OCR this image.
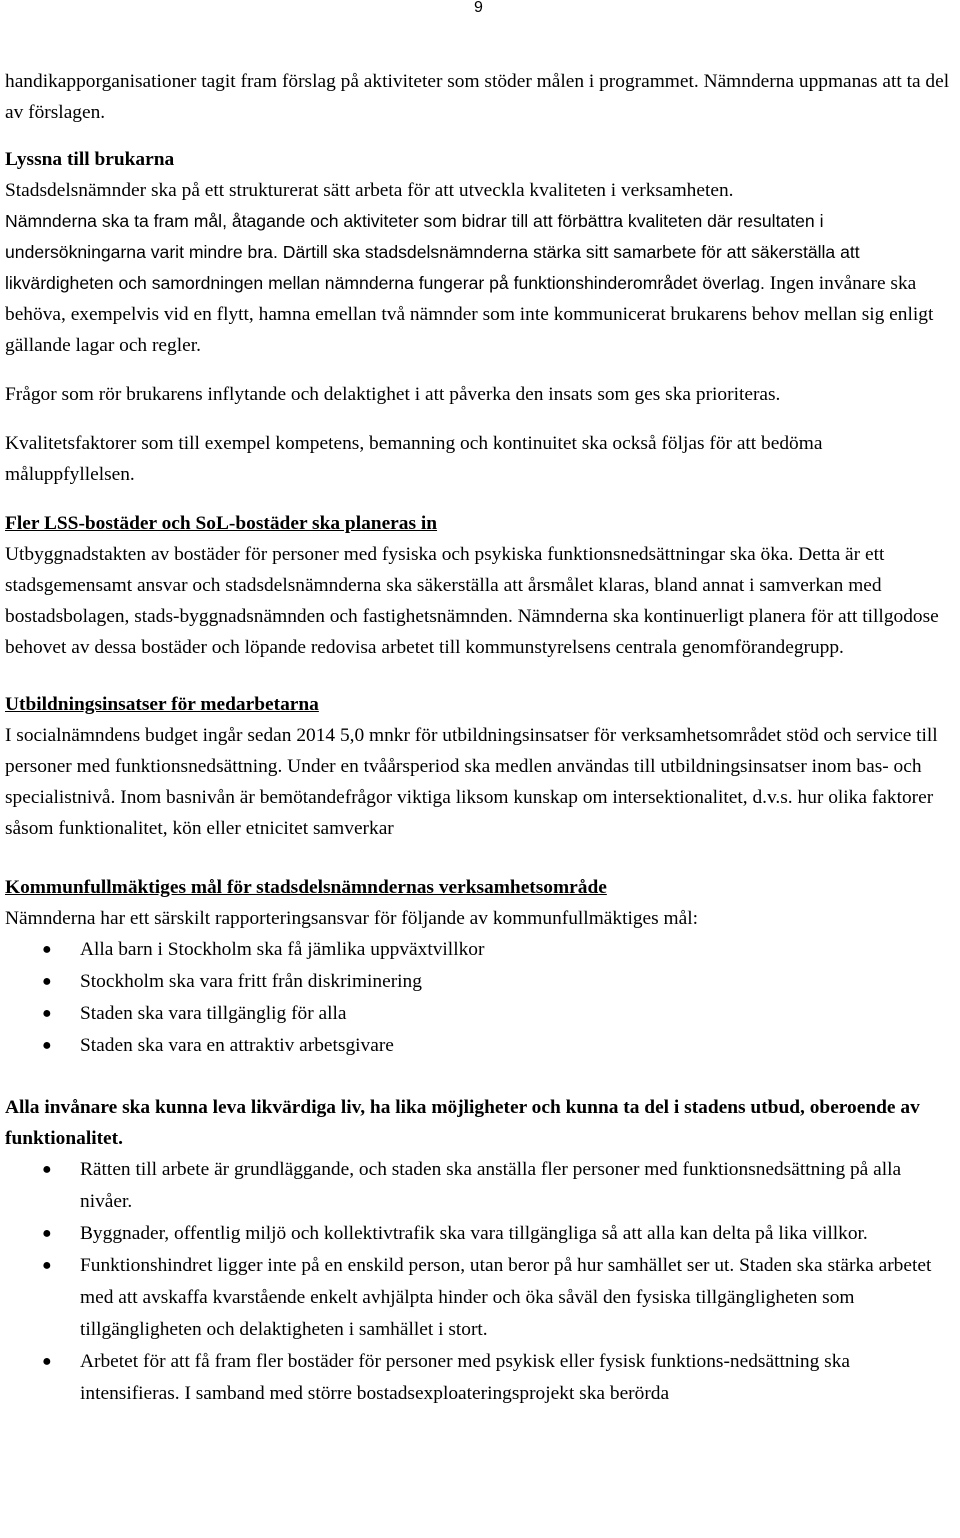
9

handikapporganisationer tagit fram förslag på aktiviteter som stöder målen i programmet. Nämnderna uppmanas att ta del av förslagen.

Lyssna till brukarna

Stadsdelsnämnder ska på ett strukturerat sätt arbeta för att utveckla kvaliteten i verksamheten.

Nämnderna ska ta fram mål, åtagande och aktiviteter som bidrar till att förbättra kvaliteten där resultaten i undersökningarna varit mindre bra. Därtill ska stadsdelsnämnderna stärka sitt samarbete för att säkerställa att likvärdigheten och samordningen mellan nämnderna fungerar på funktionshinderområdet överlag. Ingen invånare ska behöva, exempelvis vid en flytt, hamna emellan två nämnder som inte kommunicerat brukarens behov mellan sig enligt gällande lagar och regler.

Frågor som rör brukarens inflytande och delaktighet i att påverka den insats som ges ska prioriteras.

Kvalitetsfaktorer som till exempel kompetens, bemanning och kontinuitet ska också följas för att bedöma måluppfyllelsen.

Fler LSS-bostäder och SoL-bostäder ska planeras in

Utbyggnadstakten av bostäder för personer med fysiska och psykiska funktionsnedsättningar ska öka. Detta är ett stadsgemensamt ansvar och stadsdelsnämnderna ska säkerställa att årsmålet klaras, bland annat i samverkan med bostadsbolagen, stads-byggnadsnämnden och fastighetsnämnden. Nämnderna ska kontinuerligt planera för att tillgodose behovet av dessa bostäder och löpande redovisa arbetet till kommunstyrelsens centrala genomförandegrupp.

Utbildningsinsatser för medarbetarna

I socialnämndens budget ingår sedan 2014 5,0 mnkr för utbildningsinsatser för verksamhetsområdet stöd och service till personer med funktionsnedsättning. Under en tvåårsperiod ska medlen användas till utbildningsinsatser inom bas- och specialistnivå. Inom basnivån är bemötandefrågor viktiga liksom kunskap om intersektionalitet, d.v.s. hur olika faktorer såsom funktionalitet, kön eller etnicitet samverkar

Kommunfullmäktiges mål för stadsdelsnämndernas verksamhetsområde

Nämnderna har ett särskilt rapporteringsansvar för följande av kommunfullmäktiges mål:

● Alla barn i Stockholm ska få jämlika uppväxtvillkor
● Stockholm ska vara fritt från diskriminering
● Staden ska vara tillgänglig för alla
● Staden ska vara en attraktiv arbetsgivare

Alla invånare ska kunna leva likvärdiga liv, ha lika möjligheter och kunna ta del i stadens utbud, oberoende av funktionalitet.

● Rätten till arbete är grundläggande, och staden ska anställa fler personer med funktionsnedsättning på alla nivåer.
● Byggnader, offentlig miljö och kollektivtrafik ska vara tillgängliga så att alla kan delta på lika villkor.
● Funktionshindret ligger inte på en enskild person, utan beror på hur samhället ser ut. Staden ska stärka arbetet med att avskaffa kvarstående enkelt avhjälpta hinder och öka såväl den fysiska tillgängligheten som tillgängligheten och delaktigheten i samhället i stort.
● Arbetet för att få fram fler bostäder för personer med psykisk eller fysisk funktions-nedsättning ska intensifieras. I samband med större bostadsexploateringsprojekt ska berörda
